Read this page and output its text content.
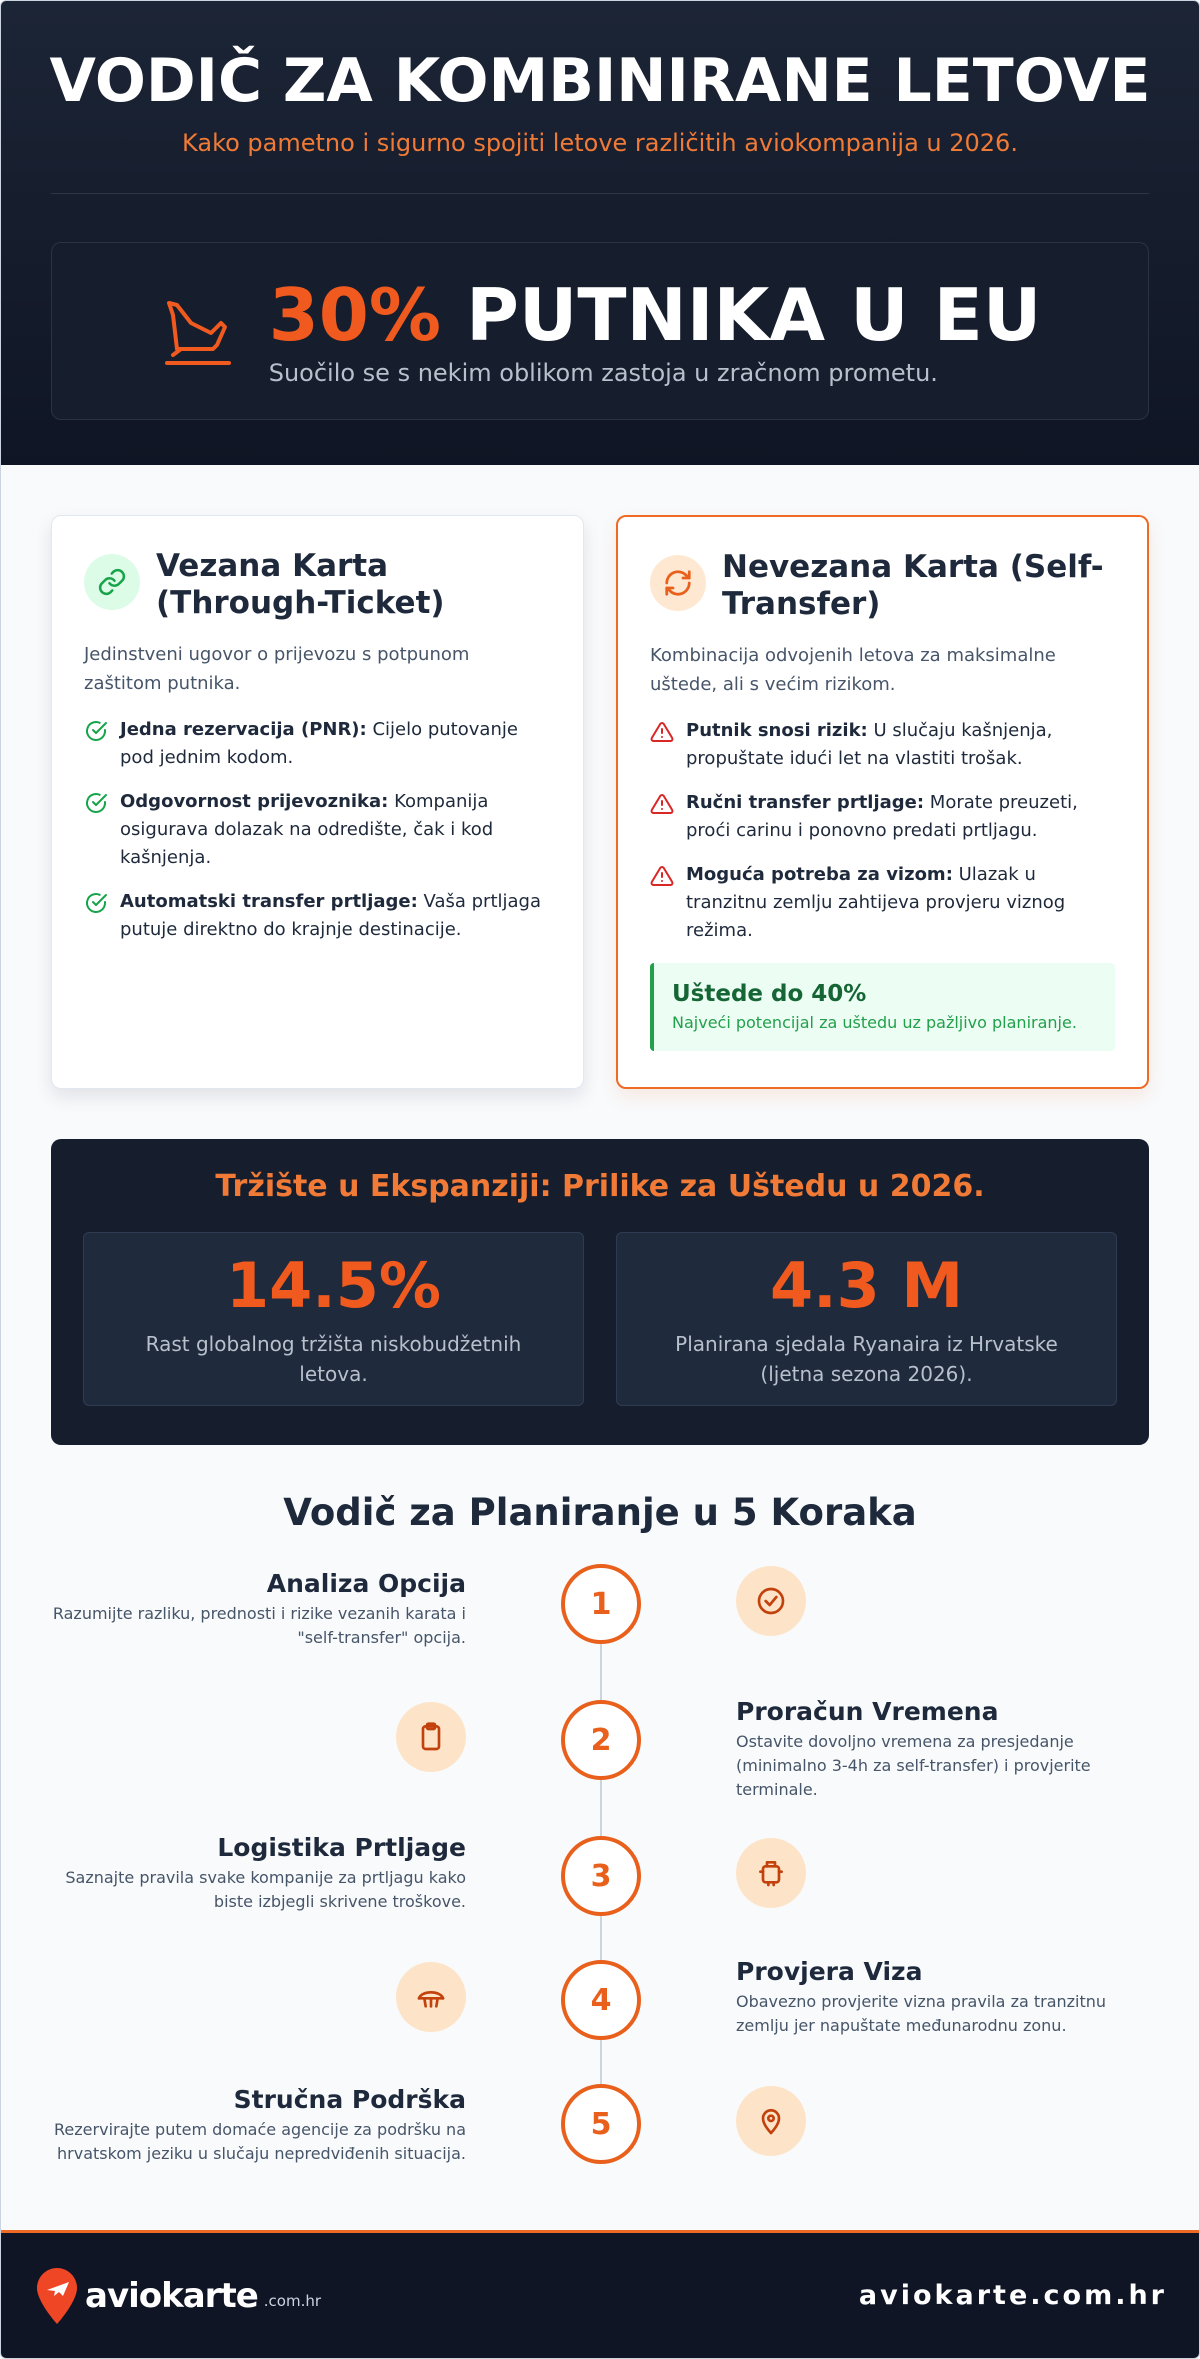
VODIČ ZA KOMBINIRANE LETOVE

Kako pametno i sigurno spojiti letove različitih aviokompanija u 2026.

30% PUTNIKA U EU
Suočilo se s nekim oblikom zastoja u zračnom prometu.
Vezana Karta (Through-Ticket)

Jedinstveni ugovor o prijevozu s potpunom zaštitom putnika.

Jedna rezervacija (PNR): Cijelo putovanje pod jednim kodom.
Odgovornost prijevoznika: Kompanija osigurava dolazak na odredište, čak i kod kašnjenja.
Automatski transfer prtljage: Vaša prtljaga putuje direktno do krajnje destinacije.
Nevezana Karta (Self-Transfer)

Kombinacija odvojenih letova za maksimalne uštede, ali s većim rizikom.

Putnik snosi rizik: U slučaju kašnjenja, propuštate idući let na vlastiti trošak.
Ručni transfer prtljage: Morate preuzeti, proći carinu i ponovno predati prtljagu.
Moguća potreba za vizom: Ulazak u tranzitnu zemlju zahtijeva provjeru viznog režima.
Uštede do 40%
Najveći potencijal za uštedu uz pažljivo planiranje.
Tržište u Ekspanziji: Prilike za Uštedu u 2026.
14.5%
Rast globalnog tržišta niskobudžetnih letova.
4.3 M
Planirana sjedala Ryanaira iz Hrvatske (ljetna sezona 2026).
Vodič za Planiranje u 5 Koraka
Analiza Opcija
Razumijte razliku, prednosti i rizike vezanih karata i "self-transfer" opcija.
1
2
Proračun Vremena
Ostavite dovoljno vremena za presjedanje (minimalno 3-4h za self-transfer) i provjerite terminale.
Logistika Prtljage
Saznajte pravila svake kompanije za prtljagu kako biste izbjegli skrivene troškove.
3
4
Provjera Viza
Obavezno provjerite vizna pravila za tranzitnu zemlju jer napuštate međunarodnu zonu.
Stručna Podrška
Rezervirajte putem domaće agencije za podršku na hrvatskom jeziku u slučaju nepredviđenih situacija.
5
aviokarte .com.hr	aviokarte.com.hr
